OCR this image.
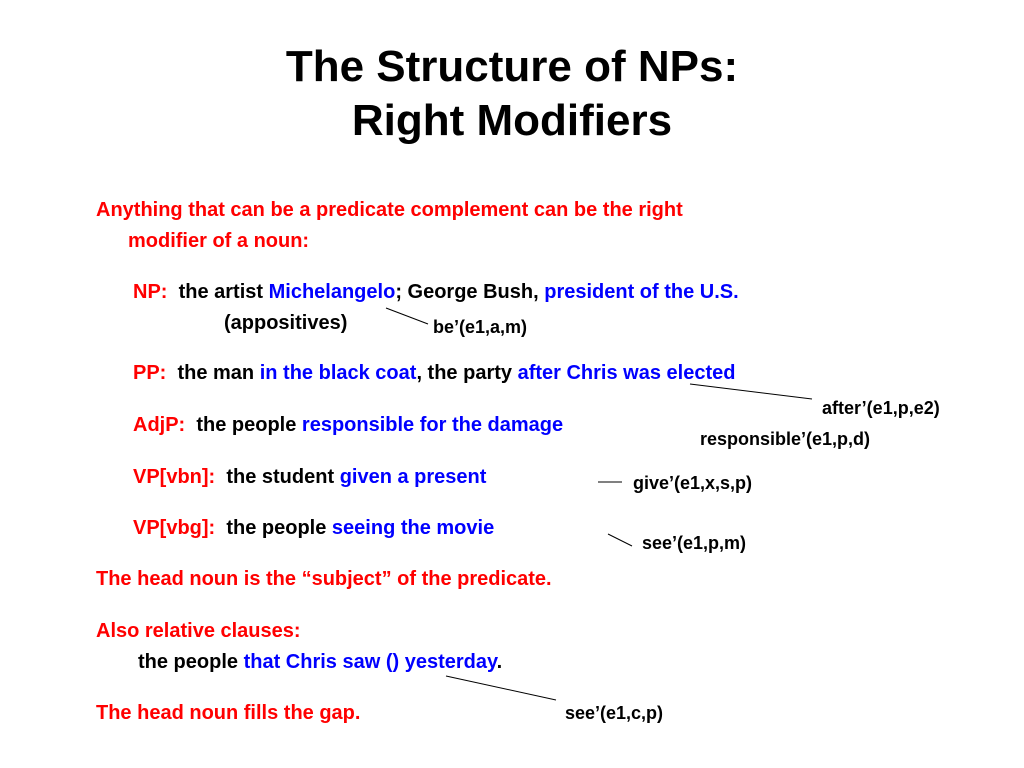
The Structure of NPs:
Right Modifiers
Anything that can be a predicate complement can be the right
modifier of a noun:
NP: the artist Michelangelo; George Bush, president of the U.S.
(appositives)	be’(e1,a,m)
PP: the man in the black coat, the party after Chris was elected
after’(e1,p,e2)
AdjP: the people responsible for the damage
responsible’(e1,p,d)
VP[vbn]: the student given a present	give’(e1,x,s,p)
VP[vbg]: the people seeing the movie
see’(e1,p,m)
The head noun is the “subject” of the predicate.
Also relative clauses:
the people that Chris saw () yesterday.
see’(e1,c,p)
The head noun fills the gap.
